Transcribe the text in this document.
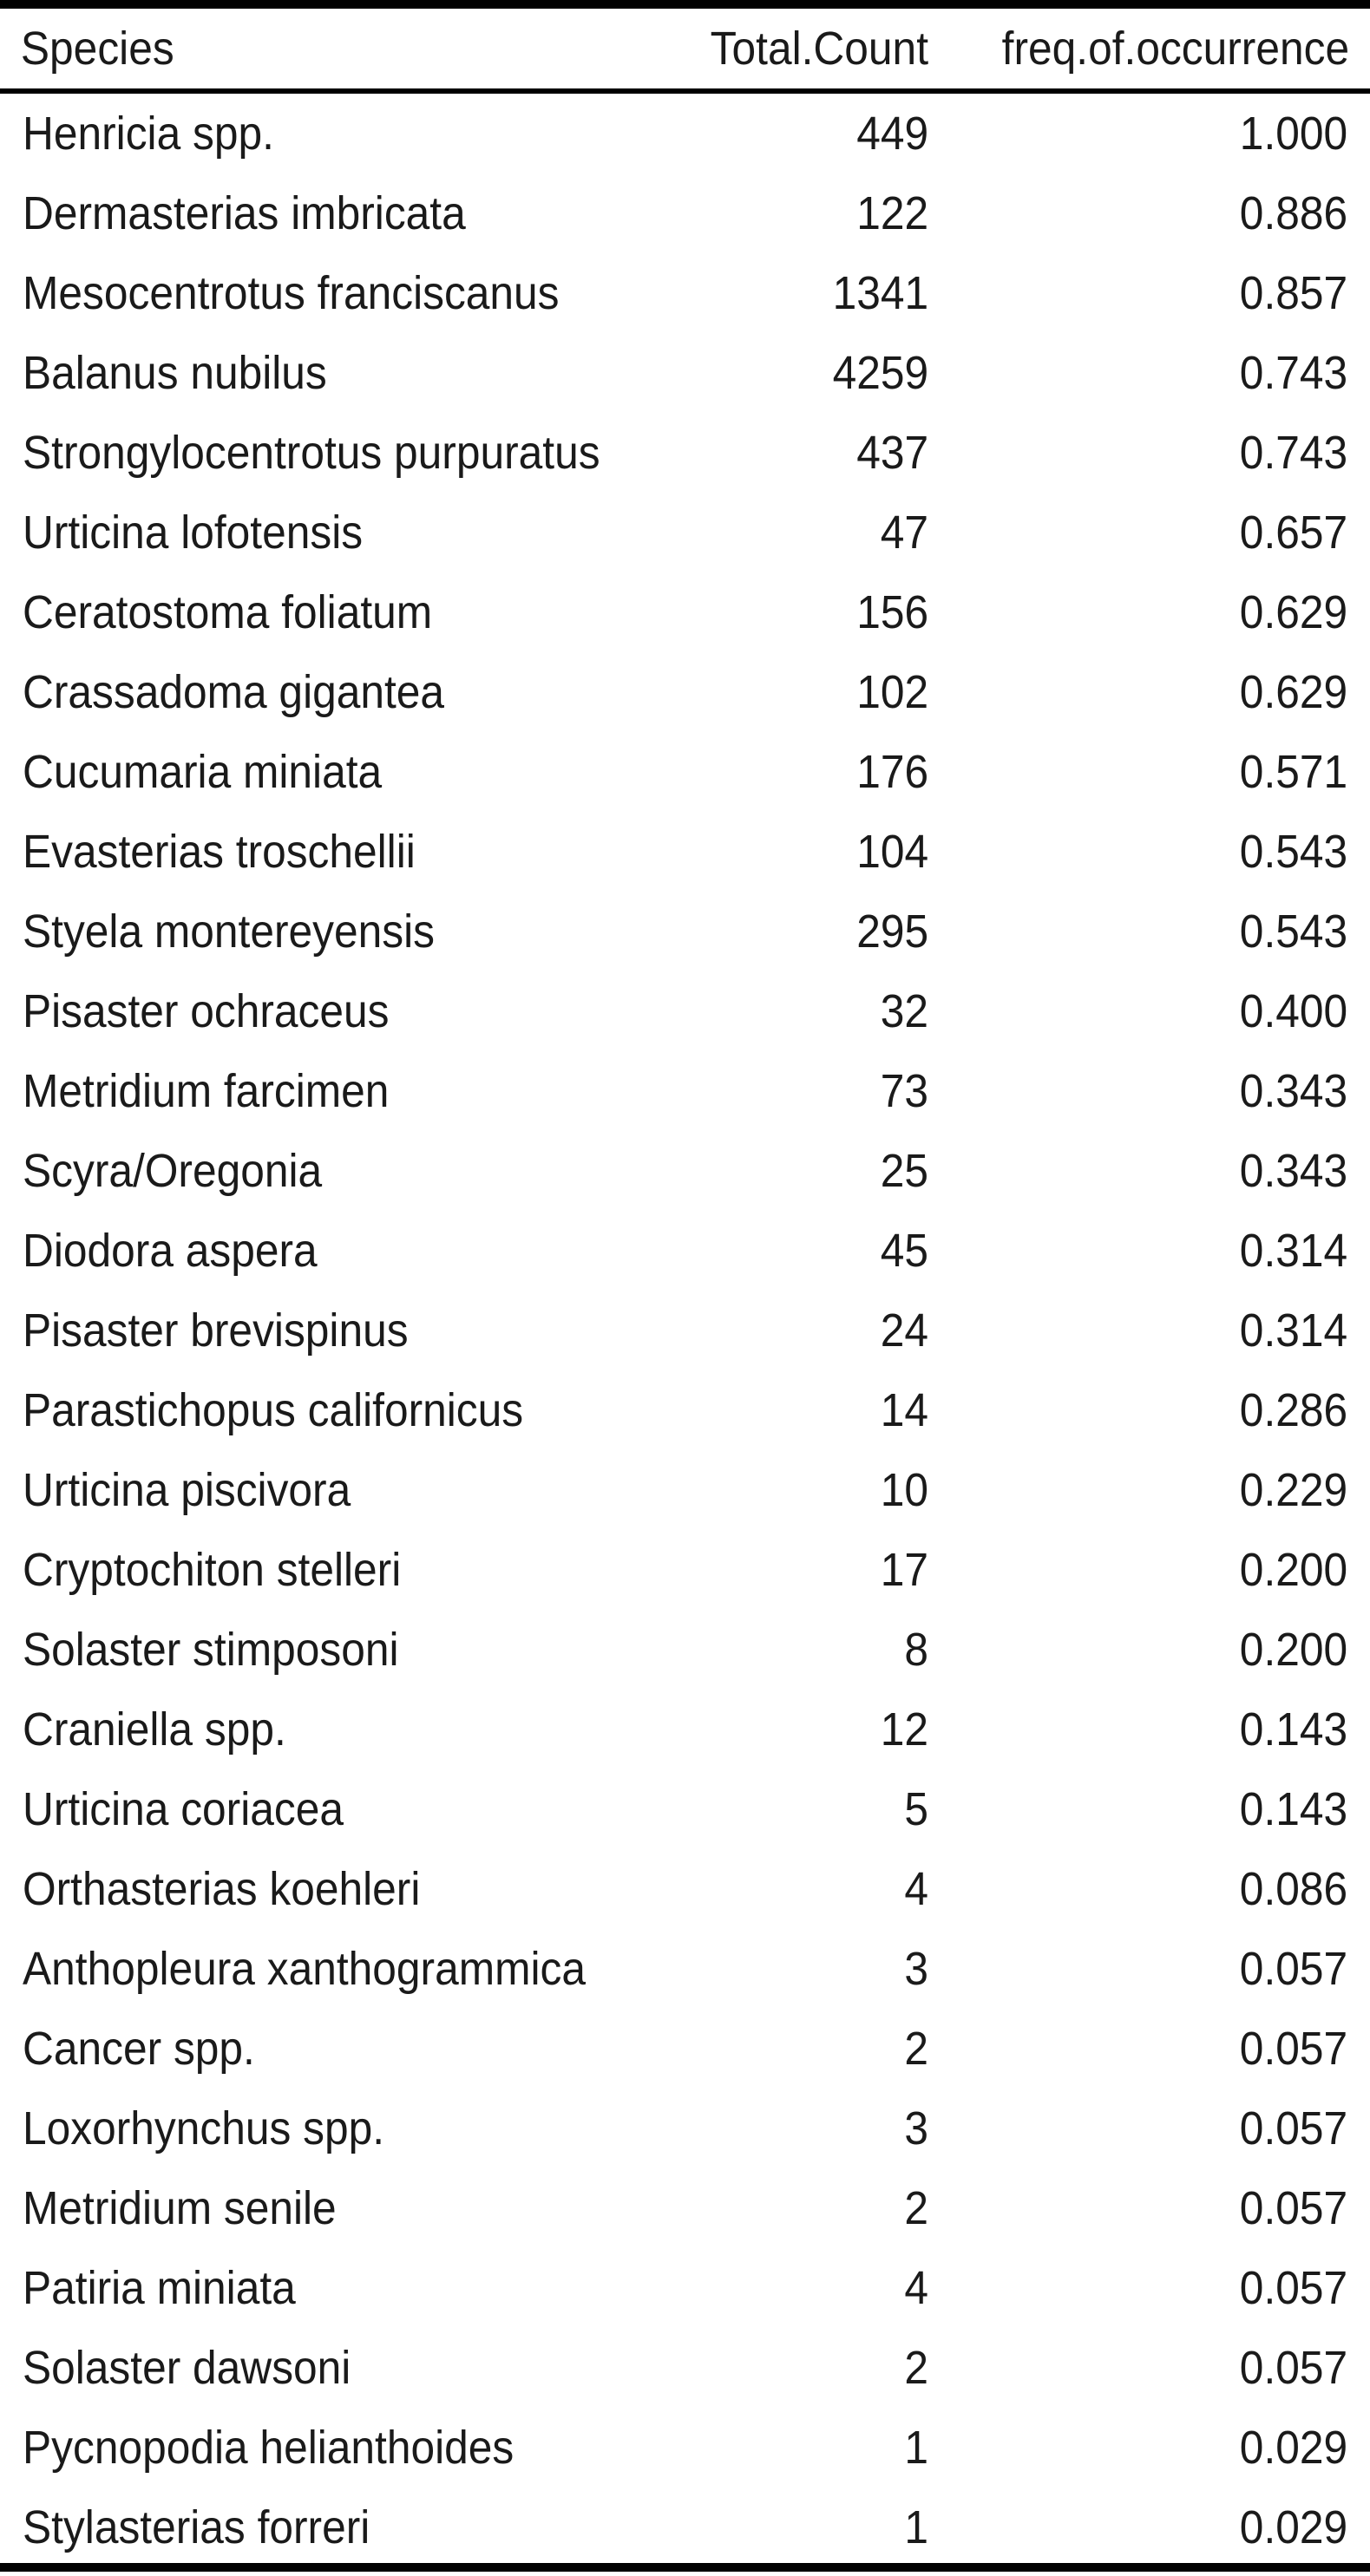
Species	Total.Count	freq.of.occurrence
Henricia spp.	449	1.000
Dermasterias imbricata	122	0.886
Mesocentrotus franciscanus	1341	0.857
Balanus nubilus	4259	0.743
Strongylocentrotus purpuratus	437	0.743
Urticina lofotensis	47	0.657
Ceratostoma foliatum	156	0.629
Crassadoma gigantea	102	0.629
Cucumaria miniata	176	0.571
Evasterias troschellii	104	0.543
Styela montereyensis	295	0.543
Pisaster ochraceus	32	0.400
Metridium farcimen	73	0.343
Scyra/Oregonia	25	0.343
Diodora aspera	45	0.314
Pisaster brevispinus	24	0.314
Parastichopus californicus	14	0.286
Urticina piscivora	10	0.229
Cryptochiton stelleri	17	0.200
Solaster stimposoni	8	0.200
Craniella spp.	12	0.143
Urticina coriacea	5	0.143
Orthasterias koehleri	4	0.086
Anthopleura xanthogrammica	3	0.057
Cancer spp.	2	0.057
Loxorhynchus spp.	3	0.057
Metridium senile	2	0.057
Patiria miniata	4	0.057
Solaster dawsoni	2	0.057
Pycnopodia helianthoides	1	0.029
Stylasterias forreri	1	0.029
